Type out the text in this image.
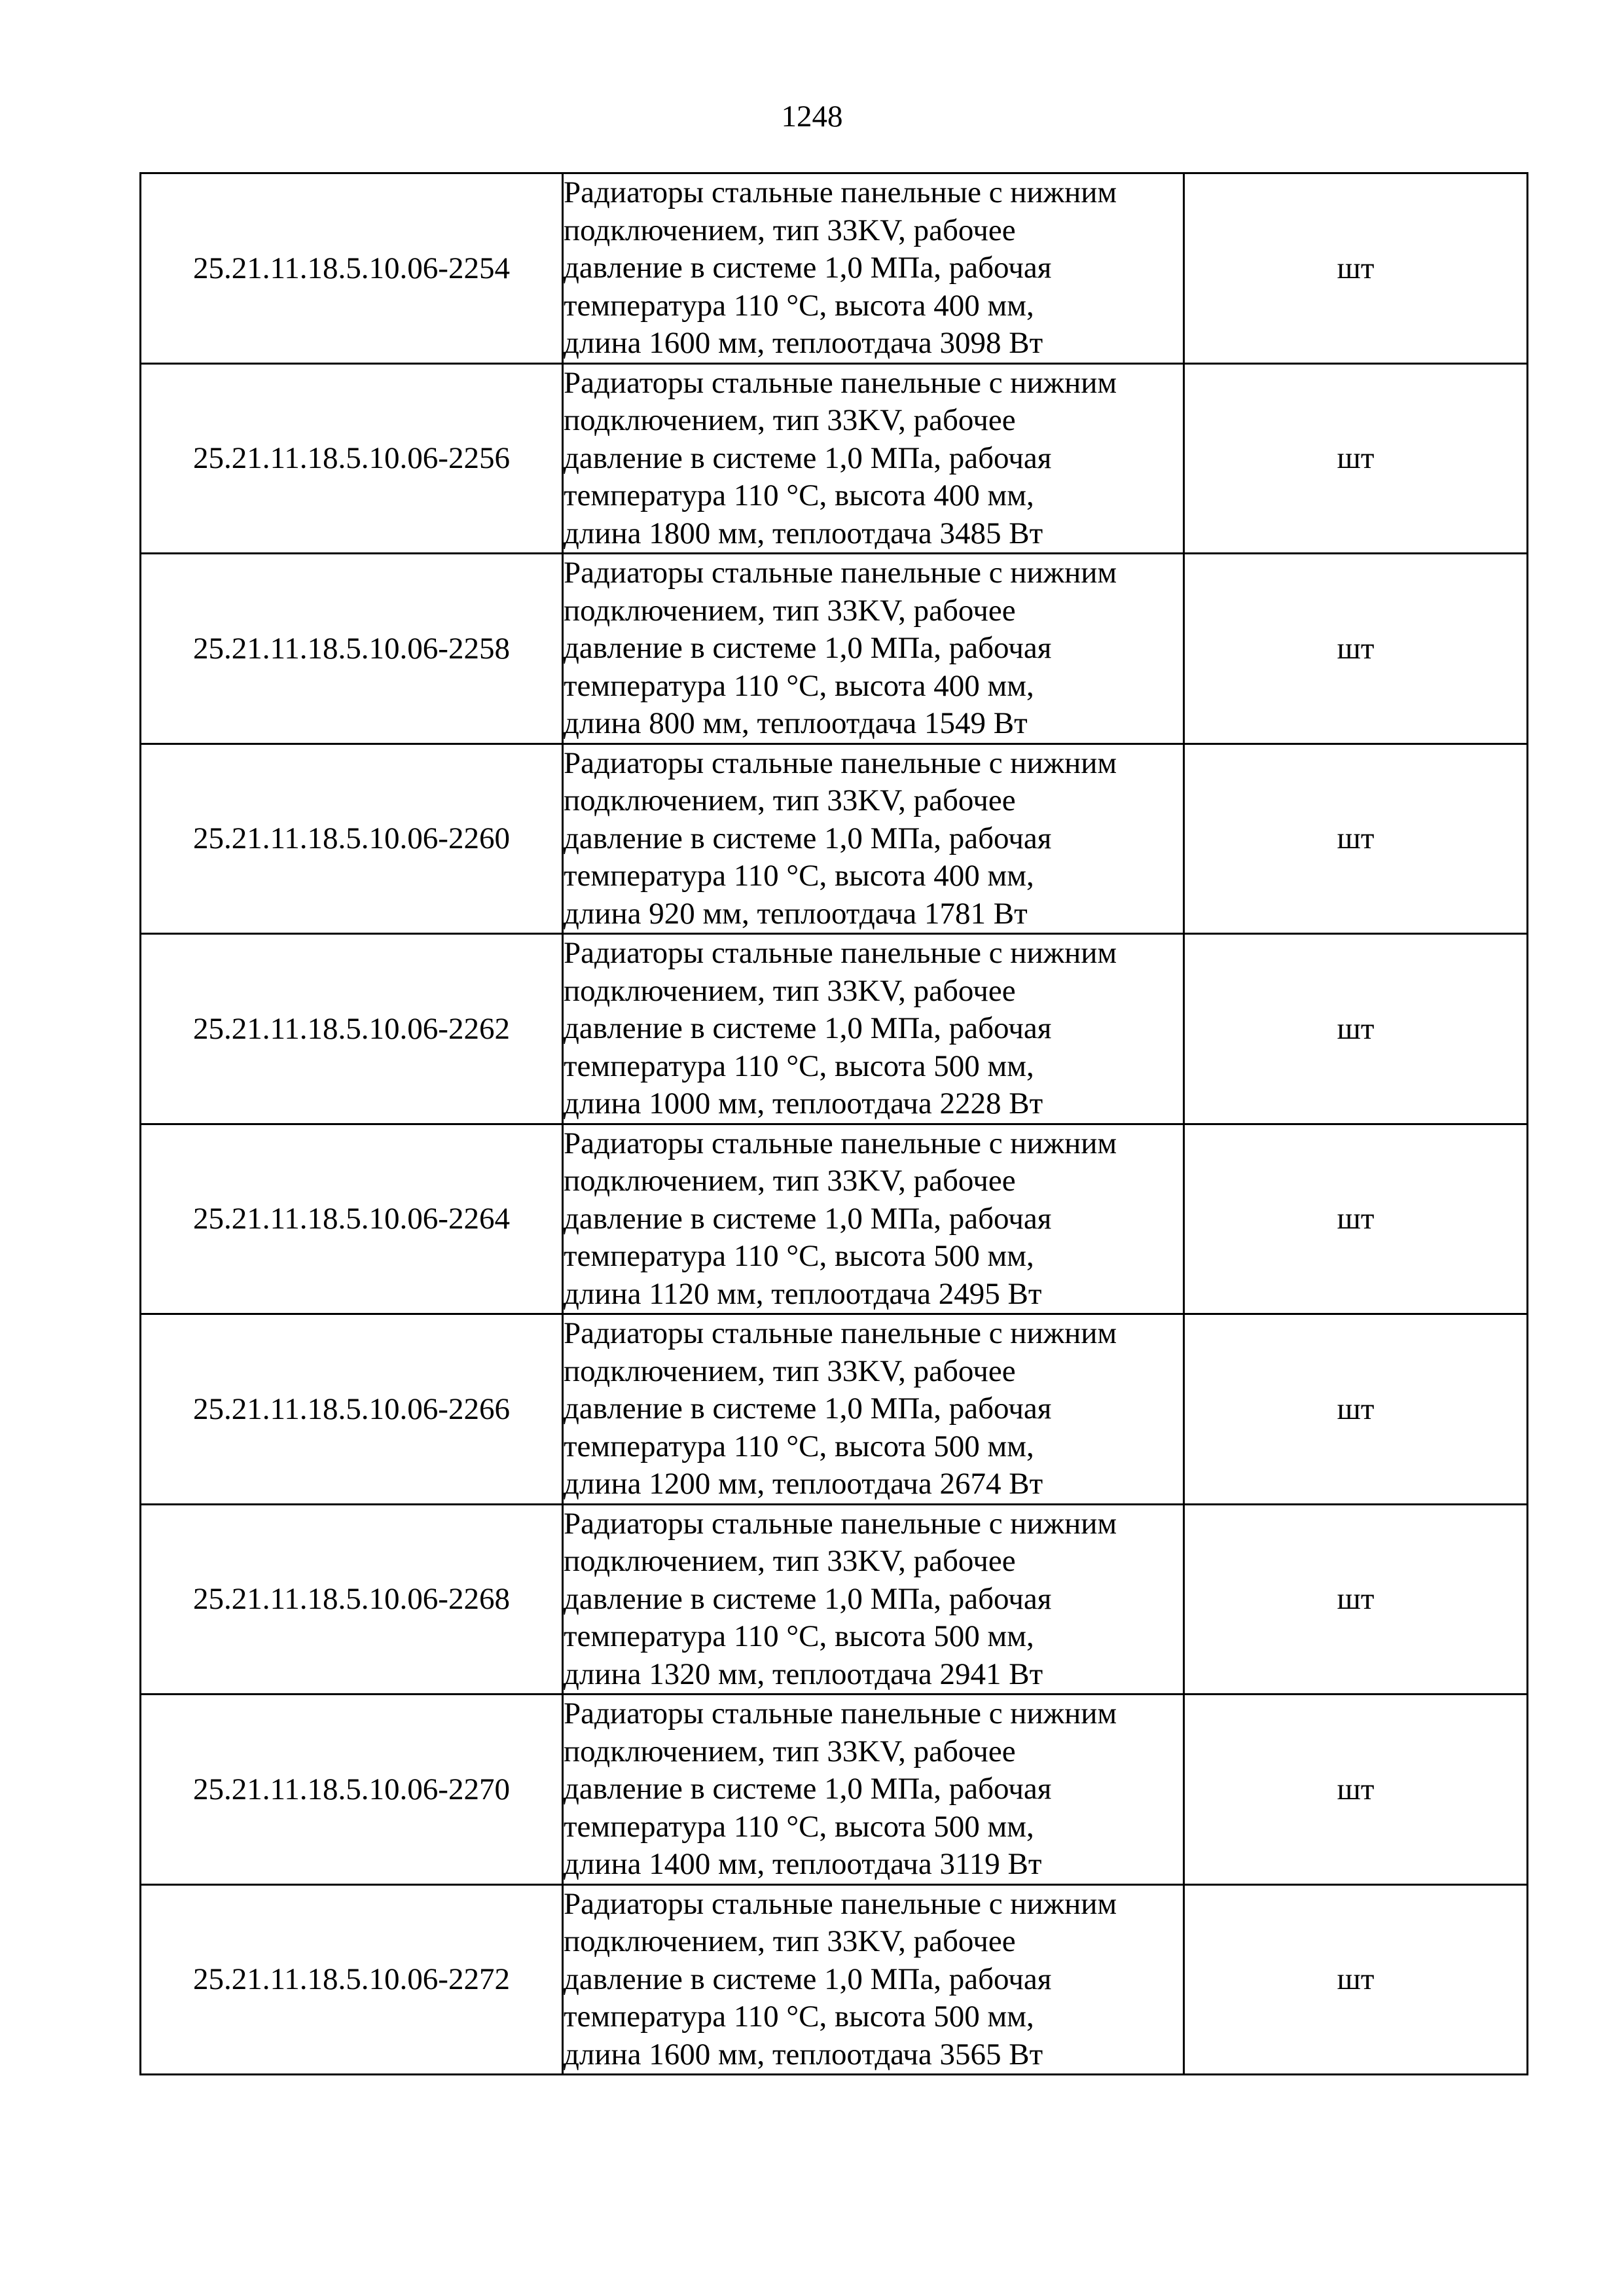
1248
25.21.11.18.5.10.06-2254	Радиаторы стальные панельные с нижним
подключением, тип 33KV, рабочее
давление в системе 1,0 МПа, рабочая
температура 110 °С, высота 400 мм,
длина 1600 мм, теплоотдача 3098 Вт	шт
25.21.11.18.5.10.06-2256	Радиаторы стальные панельные с нижним
подключением, тип 33KV, рабочее
давление в системе 1,0 МПа, рабочая
температура 110 °С, высота 400 мм,
длина 1800 мм, теплоотдача 3485 Вт	шт
25.21.11.18.5.10.06-2258	Радиаторы стальные панельные с нижним
подключением, тип 33KV, рабочее
давление в системе 1,0 МПа, рабочая
температура 110 °С, высота 400 мм,
длина 800 мм, теплоотдача 1549 Вт	шт
25.21.11.18.5.10.06-2260	Радиаторы стальные панельные с нижним
подключением, тип 33KV, рабочее
давление в системе 1,0 МПа, рабочая
температура 110 °С, высота 400 мм,
длина 920 мм, теплоотдача 1781 Вт	шт
25.21.11.18.5.10.06-2262	Радиаторы стальные панельные с нижним
подключением, тип 33KV, рабочее
давление в системе 1,0 МПа, рабочая
температура 110 °С, высота 500 мм,
длина 1000 мм, теплоотдача 2228 Вт	шт
25.21.11.18.5.10.06-2264	Радиаторы стальные панельные с нижним
подключением, тип 33KV, рабочее
давление в системе 1,0 МПа, рабочая
температура 110 °С, высота 500 мм,
длина 1120 мм, теплоотдача 2495 Вт	шт
25.21.11.18.5.10.06-2266	Радиаторы стальные панельные с нижним
подключением, тип 33KV, рабочее
давление в системе 1,0 МПа, рабочая
температура 110 °С, высота 500 мм,
длина 1200 мм, теплоотдача 2674 Вт	шт
25.21.11.18.5.10.06-2268	Радиаторы стальные панельные с нижним
подключением, тип 33KV, рабочее
давление в системе 1,0 МПа, рабочая
температура 110 °С, высота 500 мм,
длина 1320 мм, теплоотдача 2941 Вт	шт
25.21.11.18.5.10.06-2270	Радиаторы стальные панельные с нижним
подключением, тип 33KV, рабочее
давление в системе 1,0 МПа, рабочая
температура 110 °С, высота 500 мм,
длина 1400 мм, теплоотдача 3119 Вт	шт
25.21.11.18.5.10.06-2272	Радиаторы стальные панельные с нижним
подключением, тип 33KV, рабочее
давление в системе 1,0 МПа, рабочая
температура 110 °С, высота 500 мм,
длина 1600 мм, теплоотдача 3565 Вт	шт
